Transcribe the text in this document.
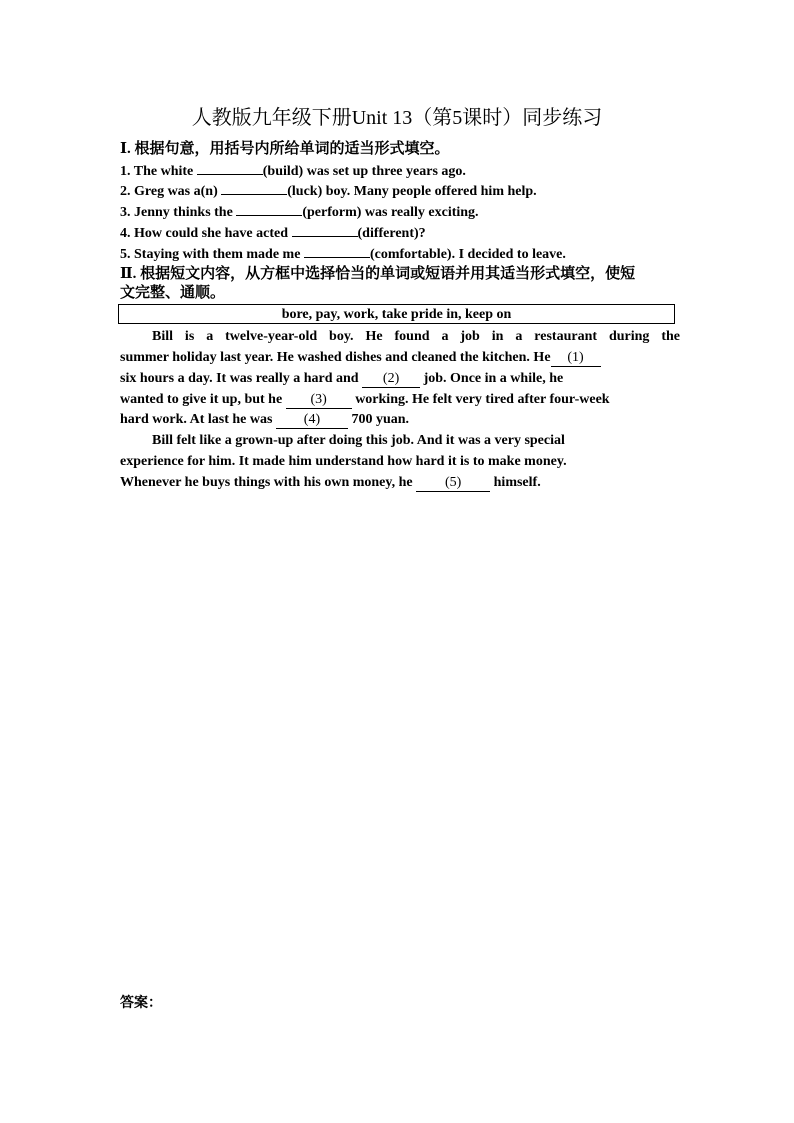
人教版九年级下册Unit 13（第5课时）同步练习
Ⅰ. 根据句意，用括号内所给单词的适当形式填空。
1. The white	(build) was set up three years ago.
2. Greg was a(n)	(luck) boy. Many people offered him help.
3. Jenny thinks the	(perform) was really exciting.
4. How could she have acted	(different)?
5. Staying with them made me	(comfortable). I decided to leave.
Ⅱ. 根据短文内容，从方框中选择恰当的单词或短语并用其适当形式填空，使短
文完整、通顺。
bore, pay, work, take pride in, keep on
Bill is a twelve-year-old boy. He found a job in a restaurant during the
summer holiday last year. He washed dishes and cleaned the kitchen. He (1)
six hours a day. It was really a hard and (2) job. Once in a while, he
wanted to give it up, but he (3) working. He felt very tired after four-week
hard work. At last he was (4) 700 yuan.
Bill felt like a grown-up after doing this job. And it was a very special
experience for him. It made him understand how hard it is to make money.
Whenever he buys things with his own money, he (5) himself.
答案：
